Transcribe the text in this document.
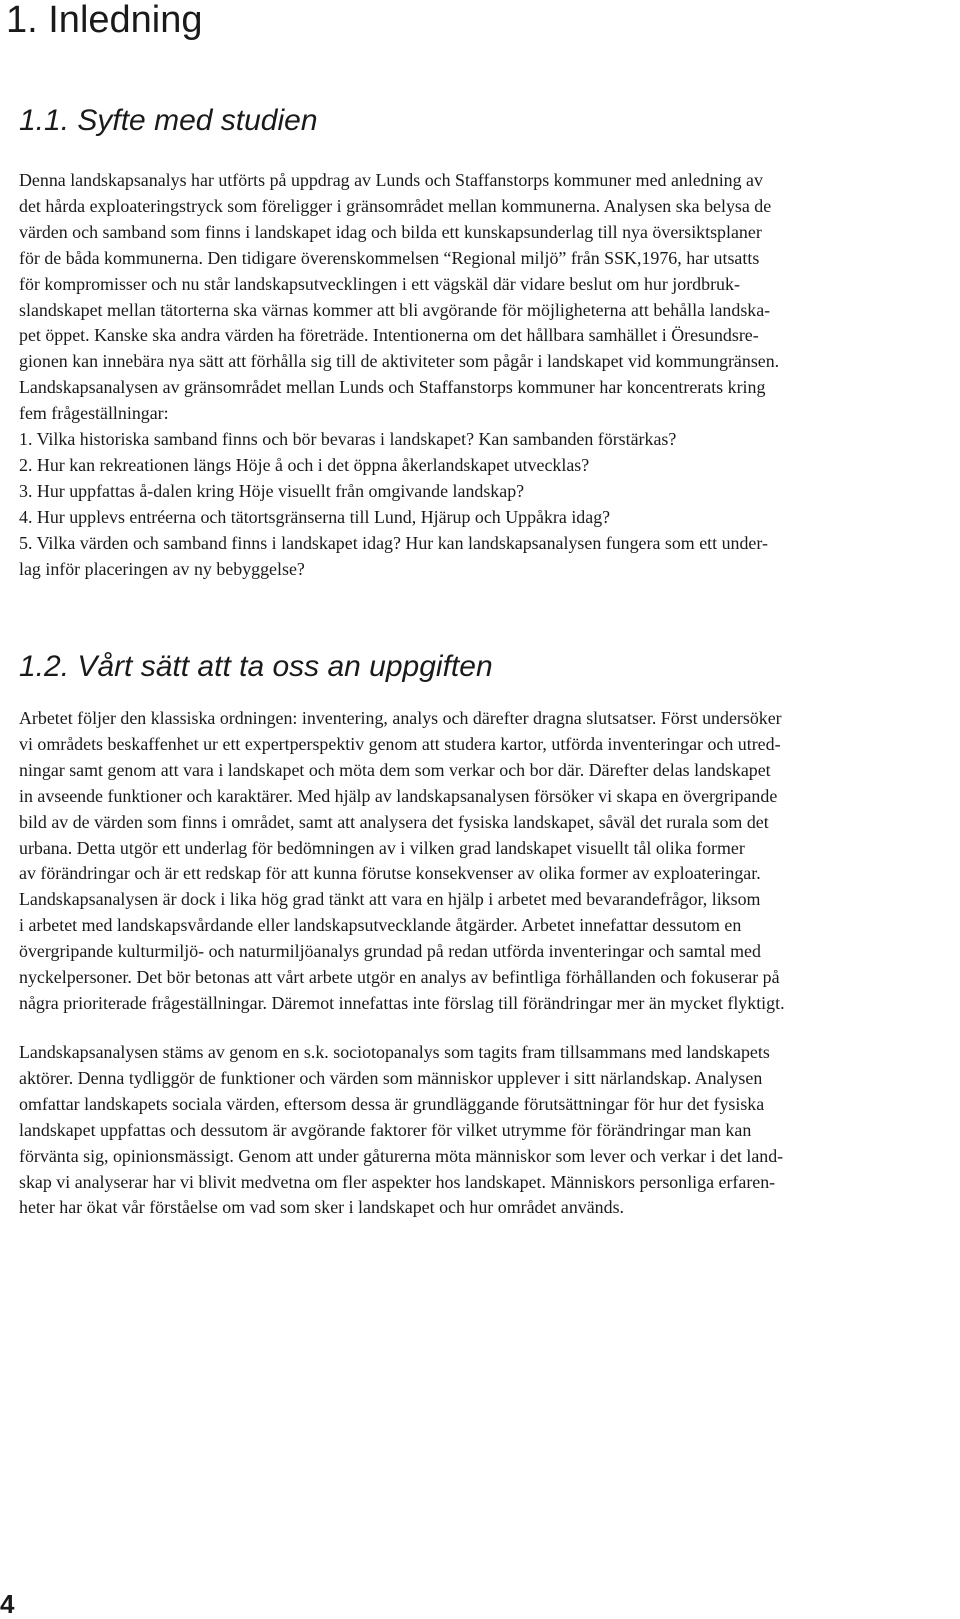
1. Inledning
1.1. Syfte med studien
Denna landskapsanalys har utförts på uppdrag av Lunds och Staffanstorps kommuner med anledning av
det hårda exploateringstryck som föreligger i gränsområdet mellan kommunerna. Analysen ska belysa de
värden och samband som finns i landskapet idag och bilda ett kunskapsunderlag till nya översiktsplaner
för de båda kommunerna. Den tidigare överenskommelsen “Regional miljö” från SSK,1976, har utsatts
för kompromisser och nu står landskapsutvecklingen i ett vägskäl där vidare beslut om hur jordbruk-
slandskapet mellan tätorterna ska värnas kommer att bli avgörande för möjligheterna att behålla landska-
pet öppet. Kanske ska andra värden ha företräde. Intentionerna om det hållbara samhället i Öresundsre-
gionen kan innebära nya sätt att förhålla sig till de aktiviteter som pågår i landskapet vid kommungränsen.
Landskapsanalysen av gränsområdet mellan Lunds och Staffanstorps kommuner har koncentrerats kring
fem frågeställningar:
1. Vilka historiska samband finns och bör bevaras i landskapet? Kan sambanden förstärkas?
2. Hur kan rekreationen längs Höje å och i det öppna åkerlandskapet utvecklas?
3. Hur uppfattas å-dalen kring Höje visuellt från omgivande landskap?
4. Hur upplevs entréerna och tätortsgränserna till Lund, Hjärup och Uppåkra idag?
5. Vilka värden och samband finns i landskapet idag? Hur kan landskapsanalysen fungera som ett under-
lag inför placeringen av ny bebyggelse?
1.2. Vårt sätt att ta oss an uppgiften
Arbetet följer den klassiska ordningen: inventering, analys och därefter dragna slutsatser. Först undersöker
vi områdets beskaffenhet ur ett expertperspektiv genom att studera kartor, utförda inventeringar och utred-
ningar samt genom att vara i landskapet och möta dem som verkar och bor där. Därefter delas landskapet
in avseende funktioner och karaktärer. Med hjälp av landskapsanalysen försöker vi skapa en övergripande
bild av de värden som finns i området, samt att analysera det fysiska landskapet, såväl det rurala som det
urbana. Detta utgör ett underlag för bedömningen av i vilken grad landskapet visuellt tål olika former
av förändringar och är ett redskap för att kunna förutse konsekvenser av olika former av exploateringar.
Landskapsanalysen är dock i lika hög grad tänkt att vara en hjälp i arbetet med bevarandefrågor, liksom
i arbetet med landskapsvårdande eller landskapsutvecklande åtgärder. Arbetet innefattar dessutom en
övergripande kulturmiljö- och naturmiljöanalys grundad på redan utförda inventeringar och samtal med
nyckelpersoner. Det bör betonas att vårt arbete utgör en analys av befintliga förhållanden och fokuserar på
några prioriterade frågeställningar. Däremot innefattas inte förslag till förändringar mer än mycket flyktigt.
Landskapsanalysen stäms av genom en s.k. sociotopanalys som tagits fram tillsammans med landskapets
aktörer. Denna tydliggör de funktioner och värden som människor upplever i sitt närlandskap. Analysen
omfattar landskapets sociala värden, eftersom dessa är grundläggande förutsättningar för hur det fysiska
landskapet uppfattas och dessutom är avgörande faktorer för vilket utrymme för förändringar man kan
förvänta sig, opinionsmässigt. Genom att under gåturerna möta människor som lever och verkar i det land-
skap vi analyserar har vi blivit medvetna om fler aspekter hos landskapet. Människors personliga erfaren-
heter har ökat vår förståelse om vad som sker i landskapet och hur området används.
4
